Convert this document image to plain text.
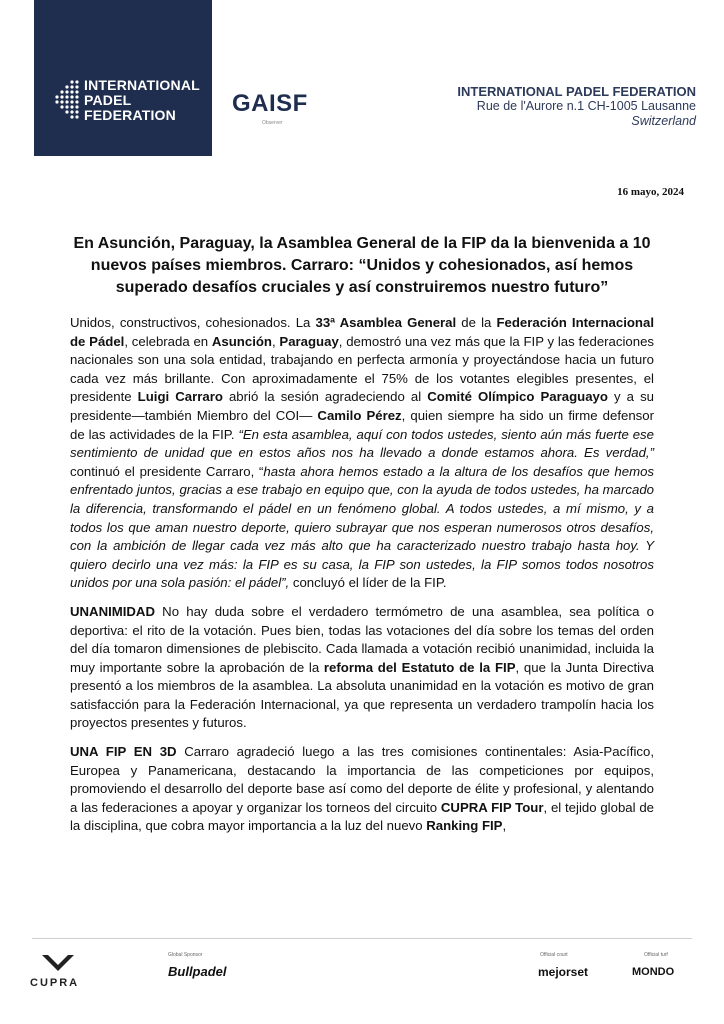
INTERNATIONAL
PADEL
FEDERATION	GAISF
Observer
INTERNATIONAL PADEL FEDERATION
Rue de l'Aurore n.1 CH-1005 Lausanne
Switzerland
16 mayo, 2024
En Asunción, Paraguay, la Asamblea General de la FIP da la bienvenida a 10 nuevos países miembros. Carraro: “Unidos y cohesionados, así hemos superado desafíos cruciales y así construiremos nuestro futuro”

Unidos, constructivos, cohesionados. La 33ª Asamblea General de la Federación Internacional de Pádel, celebrada en Asunción, Paraguay, demostró una vez más que la FIP y las federaciones nacionales son una sola entidad, trabajando en perfecta armonía y proyectándose hacia un futuro cada vez más brillante. Con aproximadamente el 75% de los votantes elegibles presentes, el presidente Luigi Carraro abrió la sesión agradeciendo al Comité Olímpico Paraguayo y a su presidente—también Miembro del COI— Camilo Pérez, quien siempre ha sido un firme defensor de las actividades de la FIP. “En esta asamblea, aquí con todos ustedes, siento aún más fuerte ese sentimiento de unidad que en estos años nos ha llevado a donde estamos ahora. Es verdad,” continuó el presidente Carraro, “hasta ahora hemos estado a la altura de los desafíos que hemos enfrentado juntos, gracias a ese trabajo en equipo que, con la ayuda de todos ustedes, ha marcado la diferencia, transformando el pádel en un fenómeno global. A todos ustedes, a mí mismo, y a todos los que aman nuestro deporte, quiero subrayar que nos esperan numerosos otros desafíos, con la ambición de llegar cada vez más alto que ha caracterizado nuestro trabajo hasta hoy. Y quiero decirlo una vez más: la FIP es su casa, la FIP son ustedes, la FIP somos todos nosotros unidos por una sola pasión: el pádel”, concluyó el líder de la FIP.

UNANIMIDAD No hay duda sobre el verdadero termómetro de una asamblea, sea política o deportiva: el rito de la votación. Pues bien, todas las votaciones del día sobre los temas del orden del día tomaron dimensiones de plebiscito. Cada llamada a votación recibió unanimidad, incluida la muy importante sobre la aprobación de la reforma del Estatuto de la FIP, que la Junta Directiva presentó a los miembros de la asamblea. La absoluta unanimidad en la votación es motivo de gran satisfacción para la Federación Internacional, ya que representa un verdadero trampolín hacia los proyectos presentes y futuros.

UNA FIP EN 3D Carraro agradeció luego a las tres comisiones continentales: Asia-Pacífico, Europea y Panamericana, destacando la importancia de las competiciones por equipos, promoviendo el desarrollo del deporte base así como del deporte de élite y profesional, y alentando a las federaciones a apoyar y organizar los torneos del circuito CUPRA FIP Tour, el tejido global de la disciplina, que cobra mayor importancia a la luz del nuevo Ranking FIP,

CUPRA
Global Sponsor
Bullpadel
Official court
mejorset
Official turf
MONDO
